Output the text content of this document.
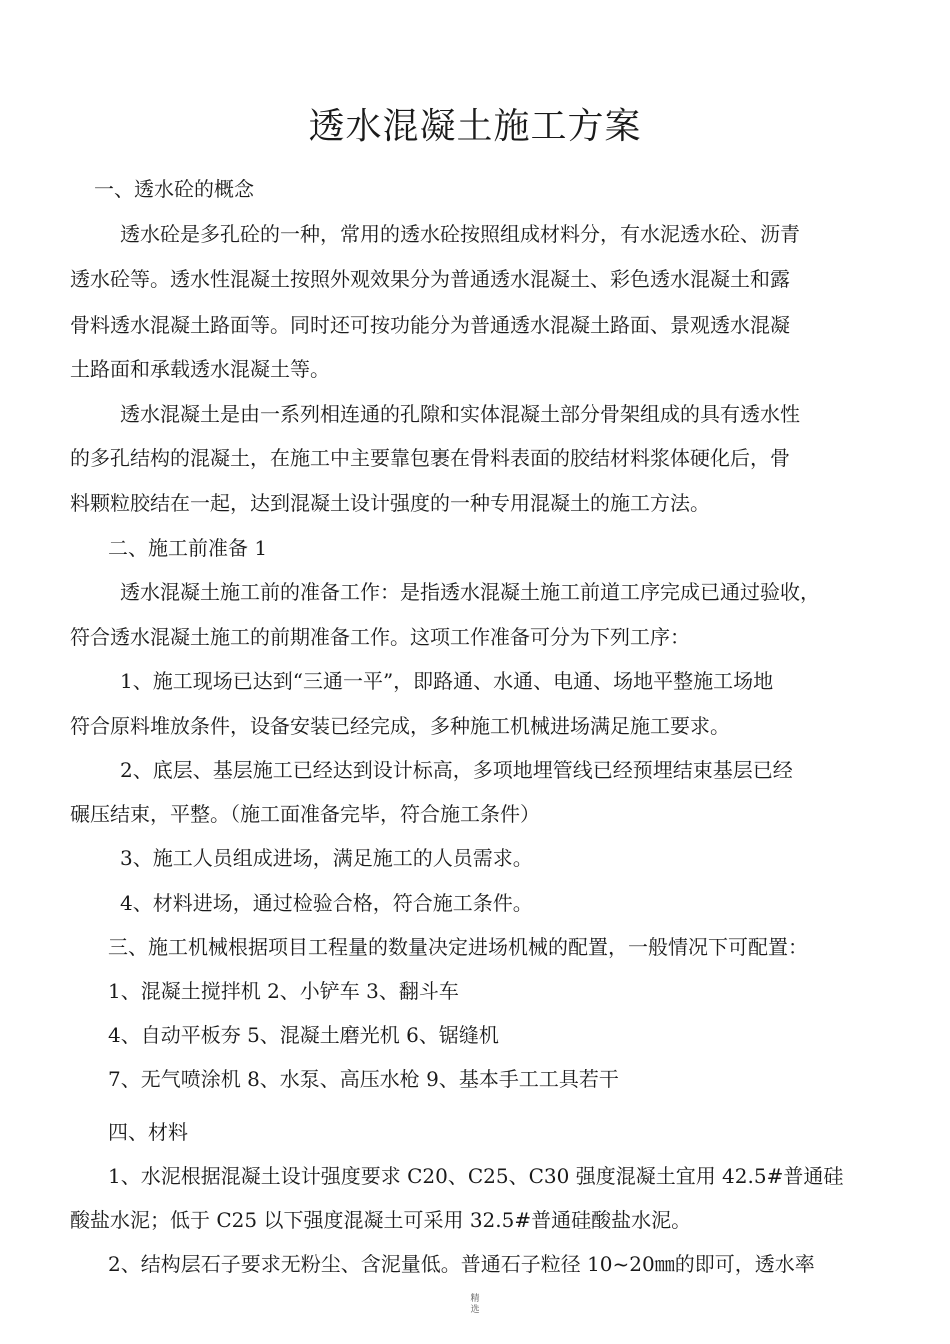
透水混凝土施工方案

一、透水砼的概念

透水砼是多孔砼的一种，常用的透水砼按照组成材料分，有水泥透水砼、沥青

透水砼等。透水性混凝土按照外观效果分为普通透水混凝土、彩色透水混凝土和露

骨料透水混凝土路面等。同时还可按功能分为普通透水混凝土路面、景观透水混凝

土路面和承载透水混凝土等。

透水混凝土是由一系列相连通的孔隙和实体混凝土部分骨架组成的具有透水性

的多孔结构的混凝土，在施工中主要靠包裹在骨料表面的胶结材料浆体硬化后，骨

料颗粒胶结在一起，达到混凝土设计强度的一种专用混凝土的施工方法。

二、施工前准备 1

透水混凝土施工前的准备工作：是指透水混凝土施工前道工序完成已通过验收，

符合透水混凝土施工的前期准备工作。这项工作准备可分为下列工序：

1、施工现场已达到“三通一平”，即路通、水通、电通、场地平整施工场地

符合原料堆放条件，设备安装已经完成，多种施工机械进场满足施工要求。

2、底层、基层施工已经达到设计标高，多项地埋管线已经预埋结束基层已经

碾压结束，平整。（施工面准备完毕，符合施工条件）

3、施工人员组成进场，满足施工的人员需求。

4、材料进场，通过检验合格，符合施工条件。

三、施工机械根据项目工程量的数量决定进场机械的配置，一般情况下可配置：

1、混凝土搅拌机 2、小铲车 3、翻斗车

4、自动平板夯 5、混凝土磨光机 6、锯缝机

7、无气喷涂机 8、水泵、高压水枪 9、基本手工工具若干

四、材料

1、水泥根据混凝土设计强度要求 C20、C25、C30 强度混凝土宜用 42.5#普通硅

酸盐水泥；低于 C25 以下强度混凝土可采用 32.5#普通硅酸盐水泥。

2、结构层石子要求无粉尘、含泥量低。普通石子粒径 10~20㎜的即可，透水率

精
选
